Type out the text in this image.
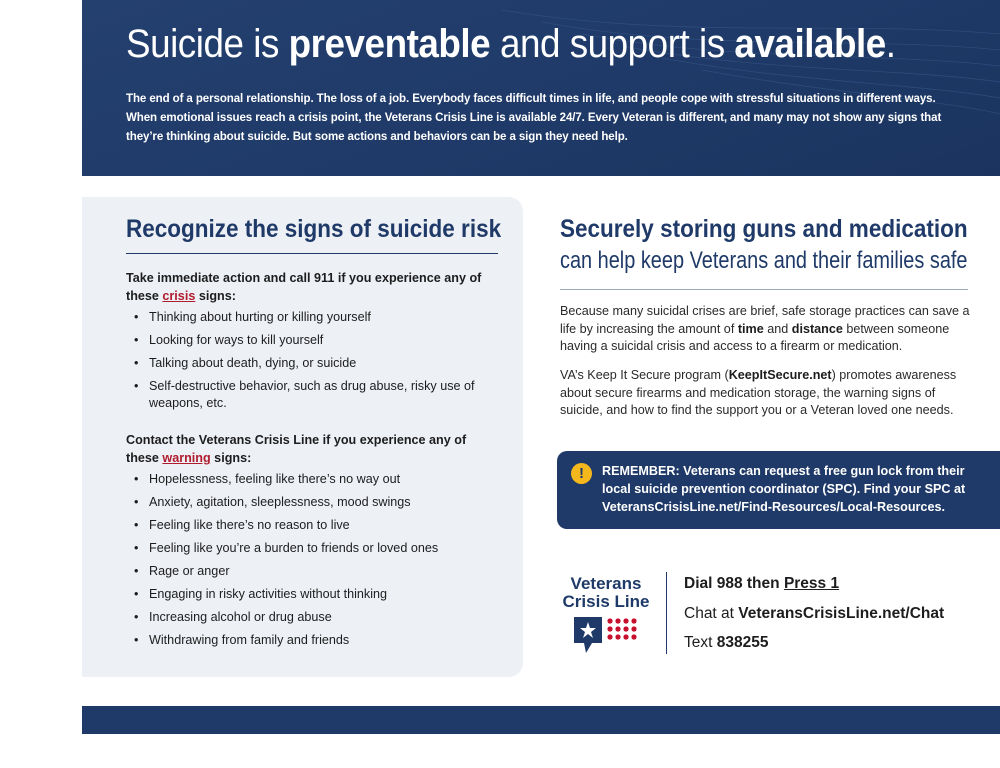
Suicide is preventable and support is available.
The end of a personal relationship. The loss of a job. Everybody faces difficult times in life, and people cope with stressful situations in different ways. When emotional issues reach a crisis point, the Veterans Crisis Line is available 24/7. Every Veteran is different, and many may not show any signs that they’re thinking about suicide. But some actions and behaviors can be a sign they need help.
Recognize the signs of suicide risk
Take immediate action and call 911 if you experience any of these crisis signs:
• Thinking about hurting or killing yourself
• Looking for ways to kill yourself
• Talking about death, dying, or suicide
• Self-destructive behavior, such as drug abuse, risky use of weapons, etc.
Contact the Veterans Crisis Line if you experience any of these warning signs:
• Hopelessness, feeling like there’s no way out
• Anxiety, agitation, sleeplessness, mood swings
• Feeling like there’s no reason to live
• Feeling like you’re a burden to friends or loved ones
• Rage or anger
• Engaging in risky activities without thinking
• Increasing alcohol or drug abuse
• Withdrawing from family and friends
Securely storing guns and medication
can help keep Veterans and their families safe
Because many suicidal crises are brief, safe storage practices can save a life by increasing the amount of time and distance between someone having a suicidal crisis and access to a firearm or medication.
VA’s Keep It Secure program (KeepItSecure.net) promotes awareness about secure firearms and medication storage, the warning signs of suicide, and how to find the support you or a Veteran loved one needs.
!	REMEMBER: Veterans can request a free gun lock from their local suicide prevention coordinator (SPC). Find your SPC at VeteransCrisisLine.net/Find-Resources/Local-Resources.
Veterans
Crisis Line
Dial 988 then Press 1
Chat at VeteransCrisisLine.net/Chat
Text 838255
